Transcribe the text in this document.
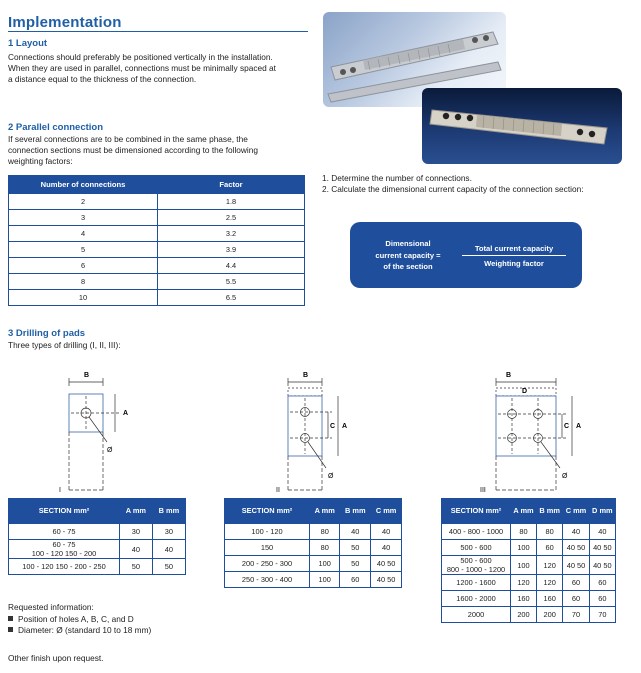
Implementation
1 Layout
Connections should preferably be positioned vertically in the installation.
When they are used in parallel, connections must be minimally spaced at
a distance equal to the thickness of the connection.
2 Parallel connection
If several connections are to be combined in the same phase, the
connection sections must be dimensioned according to the following
weighting factors:
Number of connections	Factor
2	1.8
3	2.5
4	3.2
5	3.9
6	4.4
8	5.5
10	6.5
1. Determine the number of connections.
2. Calculate the dimensional current capacity of the connection section:
Dimensional
current capacity =
of the section
Total current capacity
Weighting factor
3 Drilling of pads
Three types of drilling (I, II, III):
B
A
Ø
I
B
C A
Ø
II
B
D
C A
Ø
III
SECTION mm²	A mm	B mm
60 - 75	30	30
60 - 75
100 - 120 150 - 200	40	40
100 - 120 150 - 200 - 250	50	50
SECTION mm²	A mm	B mm	C mm
100 - 120	80	40	40
150	80	50	40
200 - 250 - 300	100	50	40 50
250 - 300 - 400	100	60	40 50
SECTION mm²	A mm	B mm	C mm	D mm
400 - 800 - 1000	80	80	40	40
500 - 600	100	60	40 50	40 50
500 - 600
800 - 1000 - 1200	100	120	40 50	40 50
1200 - 1600	120	120	60	60
1600 - 2000	160	160	60	60
2000	200	200	70	70
Requested information:
Position of holes A, B, C, and D
Diameter: Ø (standard 10 to 18 mm)
Other finish upon request.
